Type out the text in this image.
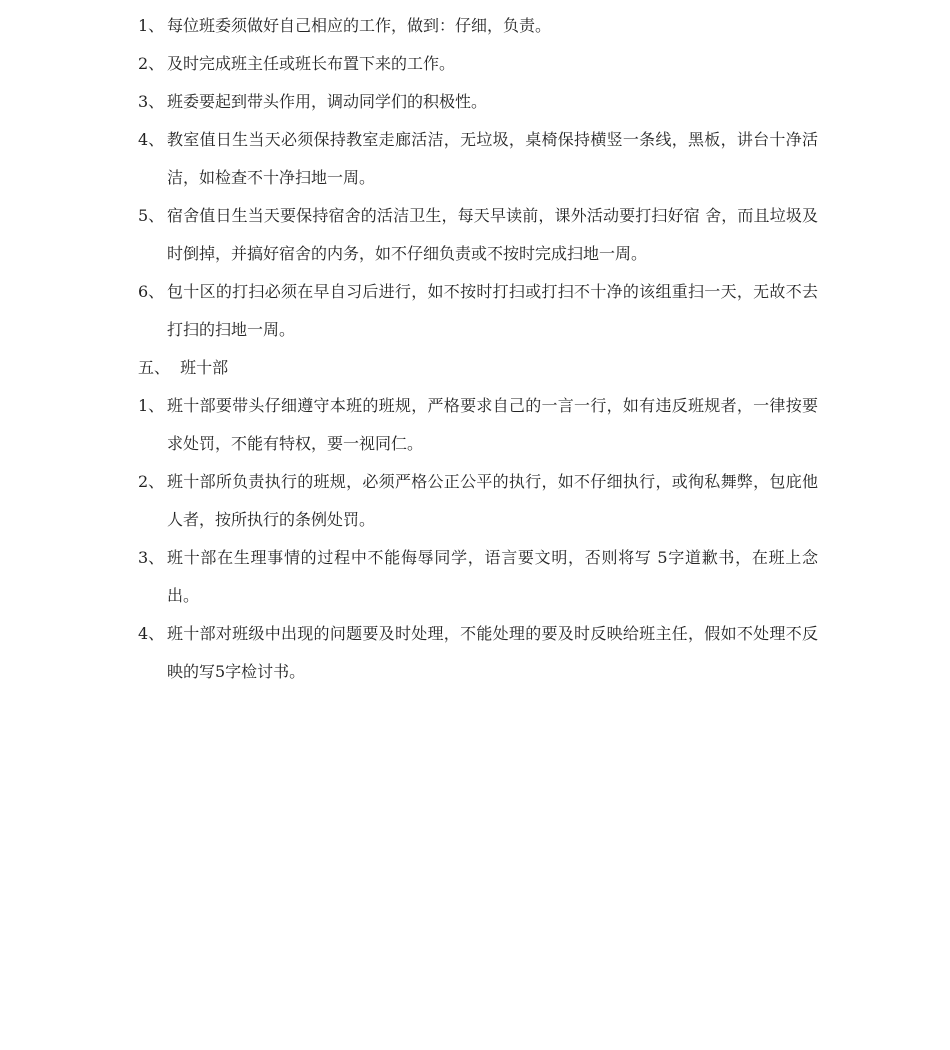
1、 每位班委须做好自己相应的工作，做到：仔细，负责。
2、 及时完成班主任或班长布置下来的工作。
3、 班委要起到带头作用，调动同学们的积极性。
4、 教室值日生当天必须保持教室走廊活洁，无垃圾，桌椅保持横竖一条线，黑板，讲台十净活洁，如检查不十净扫地一周。
5、 宿舍值日生当天要保持宿舍的活洁卫生，每天早读前，课外活动要打扫好宿 舍，而且垃圾及时倒掉，并搞好宿舍的内务，如不仔细负责或不按时完成扫地一周。
6、 包十区的打扫必须在早自习后进行，如不按时打扫或打扫不十净的该组重扫一天，无故不去打扫的扫地一周。
五、  班十部
1、 班十部要带头仔细遵守本班的班规，严格要求自己的一言一行，如有违反班规者，一律按要求处罚，不能有特权，要一视同仁。
2、 班十部所负责执行的班规，必须严格公正公平的执行，如不仔细执行，或徇私舞弊，包庇他人者，按所执行的条例处罚。
3、 班十部在生理事情的过程中不能侮辱同学，语言要文明，否则将写 5字道歉书，在班上念出。
4、 班十部对班级中出现的问题要及时处理，不能处理的要及时反映给班主任，假如不处理不反映的写5字检讨书。
